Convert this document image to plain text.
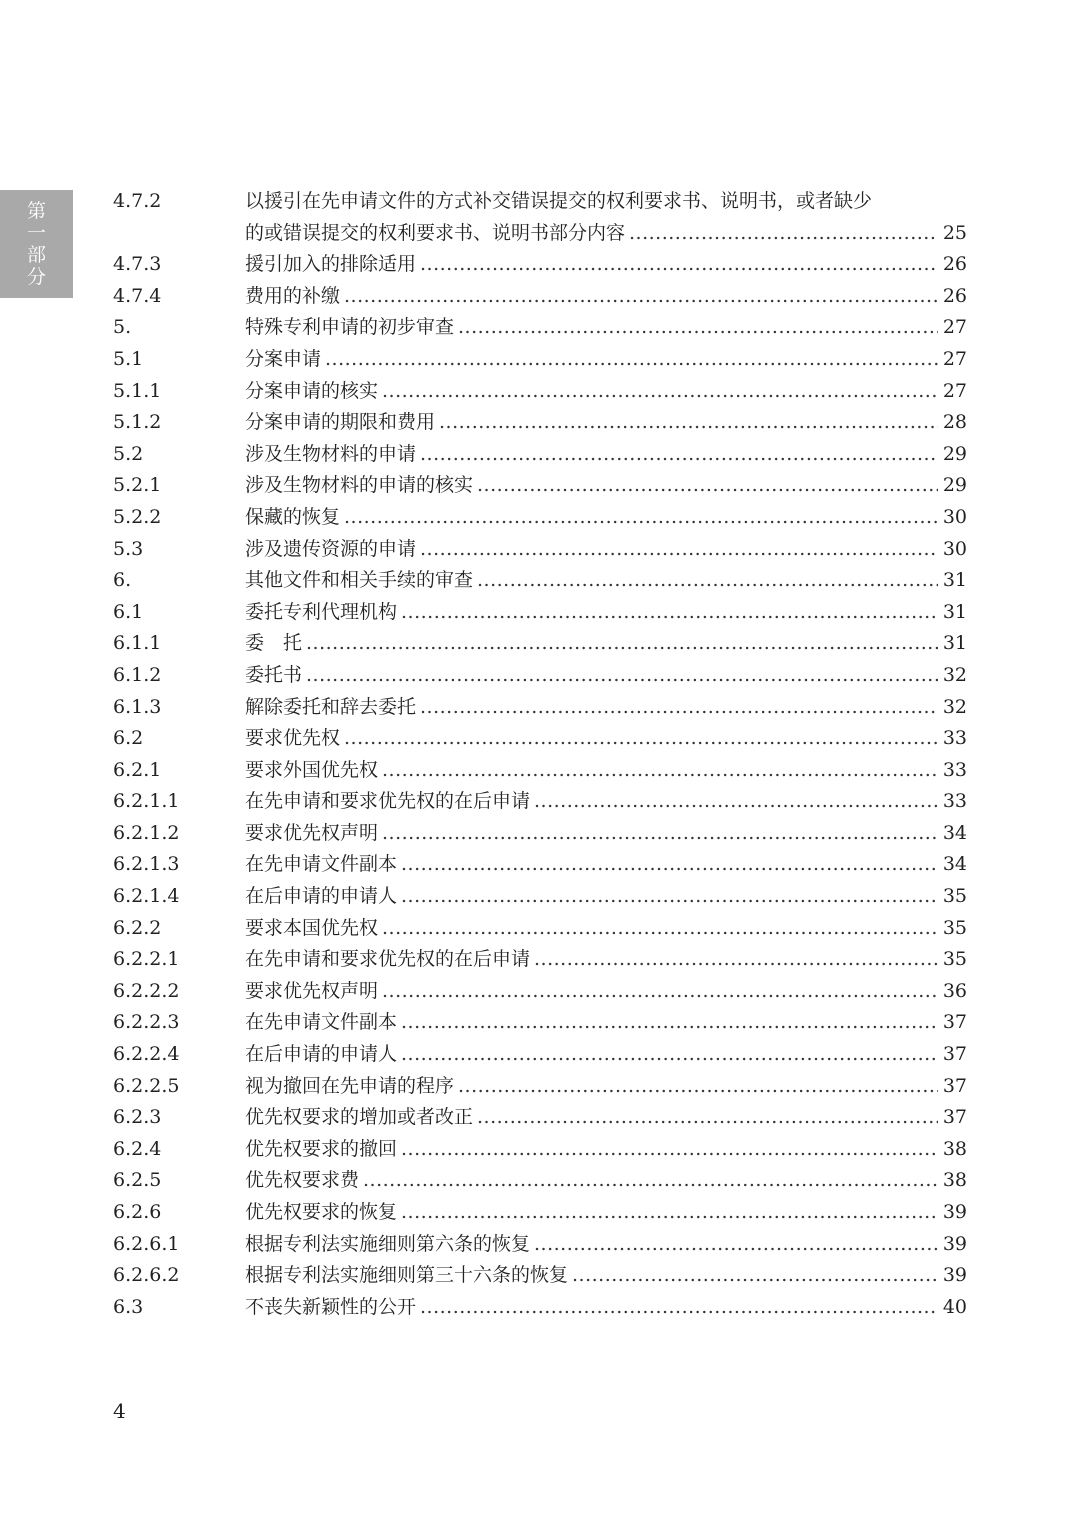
第
一
部
分
4.7.2	以援引在先申请文件的方式补交错误提交的权利要求书、说明书，或者缺少
的或错误提交的权利要求书、说明书部分内容 .....	25
4.7.3	援引加入的排除适用 .....	26
4.7.4	费用的补缴 .....	26
5.	特殊专利申请的初步审查 .....	27
5.1	分案申请 .....	27
5.1.1	分案申请的核实 .....	27
5.1.2	分案申请的期限和费用 .....	28
5.2	涉及生物材料的申请 .....	29
5.2.1	涉及生物材料的申请的核实 .....	29
5.2.2	保藏的恢复 .....	30
5.3	涉及遗传资源的申请 .....	30
6.	其他文件和相关手续的审查 .....	31
6.1	委托专利代理机构 .....	31
6.1.1	委　托 .....	31
6.1.2	委托书 .....	32
6.1.3	解除委托和辞去委托 .....	32
6.2	要求优先权 .....	33
6.2.1	要求外国优先权 .....	33
6.2.1.1	在先申请和要求优先权的在后申请 .....	33
6.2.1.2	要求优先权声明 .....	34
6.2.1.3	在先申请文件副本 .....	34
6.2.1.4	在后申请的申请人 .....	35
6.2.2	要求本国优先权 .....	35
6.2.2.1	在先申请和要求优先权的在后申请 .....	35
6.2.2.2	要求优先权声明 .....	36
6.2.2.3	在先申请文件副本 .....	37
6.2.2.4	在后申请的申请人 .....	37
6.2.2.5	视为撤回在先申请的程序 .....	37
6.2.3	优先权要求的增加或者改正 .....	37
6.2.4	优先权要求的撤回 .....	38
6.2.5	优先权要求费 .....	38
6.2.6	优先权要求的恢复 .....	39
6.2.6.1	根据专利法实施细则第六条的恢复 .....	39
6.2.6.2	根据专利法实施细则第三十六条的恢复 .....	39
6.3	不丧失新颖性的公开 .....	40
4
